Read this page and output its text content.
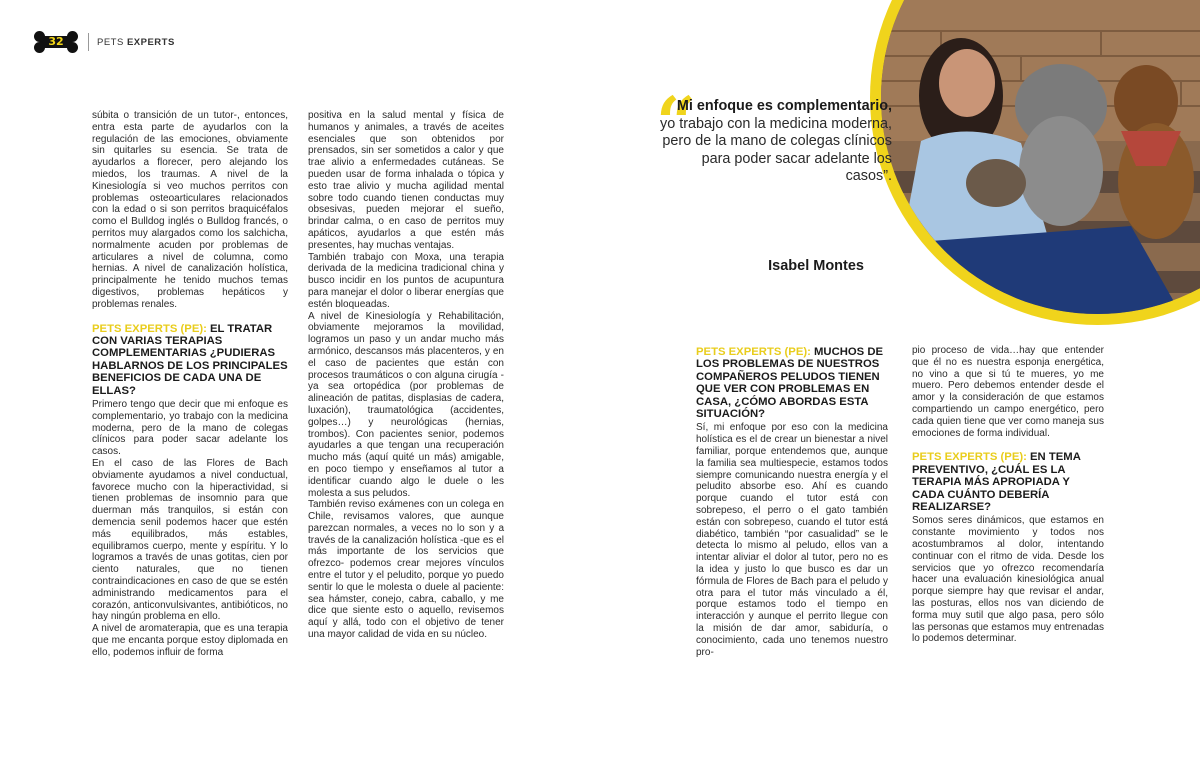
32	PETS EXPERTS

súbita o transición de un tutor-, entonces, entra esta parte de ayudarlos con la regulación de las emociones, obviamente sin quitarles su esencia. Se trata de ayudarlos a florecer, pero alejando los miedos, los traumas. A nivel de la Kinesiología si veo muchos perritos con problemas osteoarticulares relacionados con la edad o si son perritos braquicéfalos como el Bulldog inglés o Bulldog francés, o perritos muy alargados como los salchicha, normalmente acuden por problemas de articulares a nivel de columna, como hernias. A nivel de canalización holística, principalmente he tenido muchos temas digestivos, problemas hepáticos y problemas renales.

PETS EXPERTS (PE): EL TRATAR CON VARIAS TERAPIAS COMPLEMENTARIAS ¿PUDIERAS HABLARNOS DE LOS PRINCIPALES BENEFICIOS DE CADA UNA DE ELLAS?

Primero tengo que decir que mi enfoque es complementario, yo trabajo con la medicina moderna, pero de la mano de colegas clínicos para poder sacar adelante los casos.

En el caso de las Flores de Bach obviamente ayudamos a nivel conductual, favorece mucho con la hiperactividad, si tienen problemas de insomnio para que duerman más tranquilos, si están con demencia senil podemos hacer que estén más equilibrados, más estables, equilibramos cuerpo, mente y espíritu. Y lo logramos a través de unas gotitas, cien por ciento naturales, que no tienen contraindicaciones en caso de que se estén administrando medicamentos para el corazón, anticonvulsivantes, antibióticos, no hay ningún problema en ello.

A nivel de aromaterapia, que es una terapia que me encanta porque estoy diplomada en ello, podemos influir de forma

positiva en la salud mental y física de humanos y animales, a través de aceites esenciales que son obtenidos por prensados, sin ser sometidos a calor y que trae alivio a enfermedades cutáneas. Se pueden usar de forma inhalada o tópica y esto trae alivio y mucha agilidad mental sobre todo cuando tienen conductas muy obsesivas, pueden mejorar el sueño, brindar calma, o en caso de perritos muy apáticos, ayudarlos a que estén más presentes, hay muchas ventajas.

También trabajo con Moxa, una terapia derivada de la medicina tradicional china y busco incidir en los puntos de acupuntura para manejar el dolor o liberar energías que estén bloqueadas.

A nivel de Kinesiología y Rehabilitación, obviamente mejoramos la movilidad, logramos un paso y un andar mucho más armónico, descansos más placenteros, y en el caso de pacientes que están con procesos traumáticos o con alguna cirugía -ya sea ortopédica (por problemas de alineación de patitas, displasias de cadera, luxación), traumatológica (accidentes, golpes…) y neurológicas (hernias, trombos). Con pacientes senior, podemos ayudarles a que tengan una recuperación mucho más (aquí quité un más) amigable, en poco tiempo y enseñamos al tutor a identificar cuando algo le duele o les molesta a sus peludos.

También reviso exámenes con un colega en Chile, revisamos valores, que aunque parezcan normales, a veces no lo son y a través de la canalización holística -que es el más importante de los servicios que ofrezco- podemos crear mejores vínculos entre el tutor y el peludito, porque yo puedo sentir lo que le molesta o duele al paciente: sea hámster, conejo, cabra, caballo, y me dice que siente esto o aquello, revisemos aquí y allá, todo con el objetivo de tener una mayor calidad de vida en su núcleo.

“
Mi enfoque es complementario, yo trabajo con la medicina moderna, pero de la mano de colegas clínicos para poder sacar adelante los casos”.
Isabel Montes
PETS EXPERTS (PE): MUCHOS DE LOS PROBLEMAS DE NUESTROS COMPAÑEROS PELUDOS TIENEN QUE VER CON PROBLEMAS EN CASA, ¿CÓMO ABORDAS ESTA SITUACIÓN?

Sí, mi enfoque por eso con la medicina holística es el de crear un bienestar a nivel familiar, porque entendemos que, aunque la familia sea multiespecie, estamos todos siempre comunicando nuestra energía y el peludito absorbe eso. Ahí es cuando porque cuando el tutor está con sobrepeso, el perro o el gato también están con sobrepeso, cuando el tutor está diabético, también “por casualidad” se le detecta lo mismo al peludo, ellos van a intentar aliviar el dolor al tutor, pero no es la idea y justo lo que busco es dar un fórmula de Flores de Bach para el peludo y otra para el tutor más vinculado a él, porque estamos todo el tiempo en interacción y aunque el perrito llegue con la misión de dar amor, sabiduría, o conocimiento, cada uno tenemos nuestro pro-

pio proceso de vida…hay que entender que él no es nuestra esponja energética, no vino a que si tú te mueres, yo me muero. Pero debemos entender desde el amor y la consideración de que estamos compartiendo un campo energético, pero cada quien tiene que ver como maneja sus emociones de forma individual.

PETS EXPERTS (PE): EN TEMA PREVENTIVO, ¿CUÁL ES LA TERAPIA MÁS APROPIADA Y CADA CUÁNTO DEBERÍA REALIZARSE?

Somos seres dinámicos, que estamos en constante movimiento y todos nos acostumbramos al dolor, intentando continuar con el ritmo de vida. Desde los servicios que yo ofrezco recomendaría hacer una evaluación kinesiológica anual porque siempre hay que revisar el andar, las posturas, ellos nos van diciendo de forma muy sutil que algo pasa, pero sólo las personas que estamos muy entrenadas lo podemos determinar.
